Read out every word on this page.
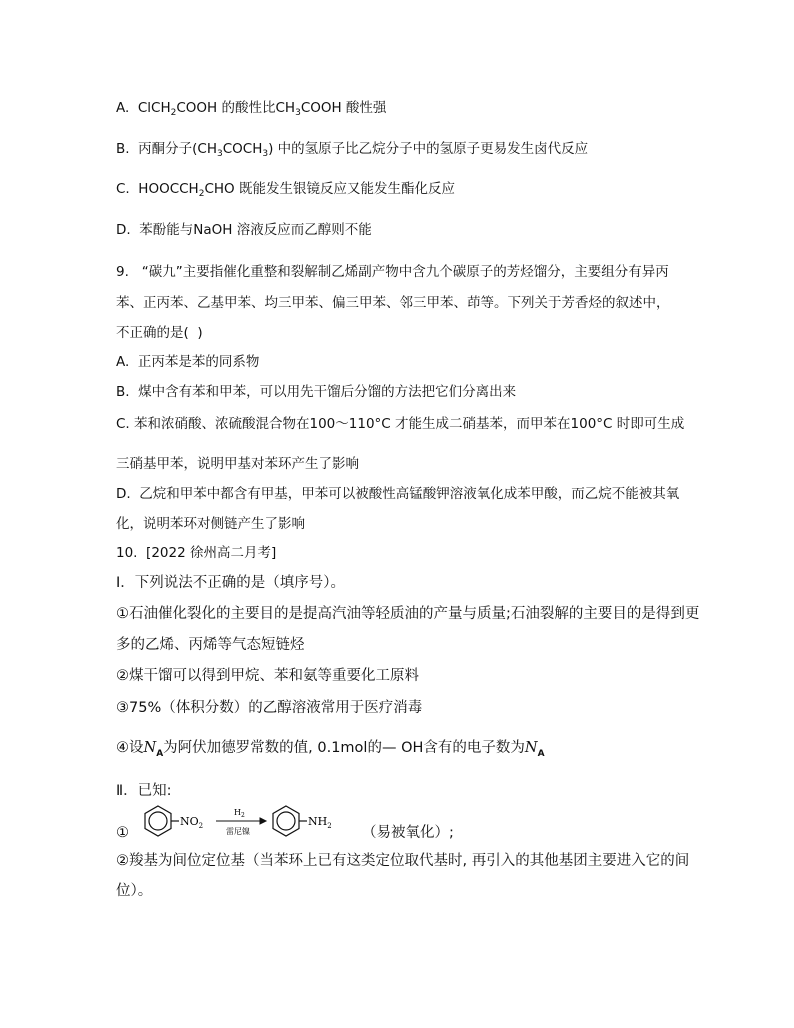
A.  ClCH$_2$COOH 的酸性比$CH_3COOH$ 酸性强
B.  丙酮分子$(CH_3COCH_3)$ 中的氢原子比乙烷分子中的氢原子更易发生卤代反应
C.  $HOOCCH_2CHO$ 既能发生银镜反应又能发生酯化反应
D.  苯酚能与NaOH 溶液反应而乙醇则不能
9.   “碳九”主要指催化重整和裂解制乙烯副产物中含九个碳原子的芳烃馏分，主要组分有异丙
苯、正丙苯、乙基甲苯、均三甲苯、偏三甲苯、邻三甲苯、茚等。下列关于芳香烃的叙述中，
不正确的是(  )
A.  正丙苯是苯的同系物
B.  煤中含有苯和甲苯，可以用先干馏后分馏的方法把它们分离出来
C. 苯和浓硝酸、浓硫酸混合物在100～110°C 才能生成二硝基苯，而甲苯在100°C 时即可生成
三硝基甲苯，说明甲基对苯环产生了影响
D.  乙烷和甲苯中都含有甲基，甲苯可以被酸性高锰酸钾溶液氧化成苯甲酸，而乙烷不能被其氧
化，说明苯环对侧链产生了影响
10.  [2022 徐州高二月考]
Ⅰ．下列说法不正确的是（填序号）。
①石油催化裂化的主要目的是提高汽油等轻质油的产量与质量;石油裂解的主要目的是得到更
多的乙烯、丙烯等气态短链烃
②煤干馏可以得到甲烷、苯和氨等重要化工原料
③75%（体积分数）的乙醇溶液常用于医疗消毒
④设$N_A$为阿伏加德罗常数的值, 0.1mol的— OH含有的电子数为$N_A$
Ⅱ．已知:
①
$NO_2$
$H_2$
雷尼镍
$NH_2$ （易被氧化）;
②羧基为间位定位基（当苯环上已有这类定位取代基时, 再引入的其他基团主要进入它的间
位）。
